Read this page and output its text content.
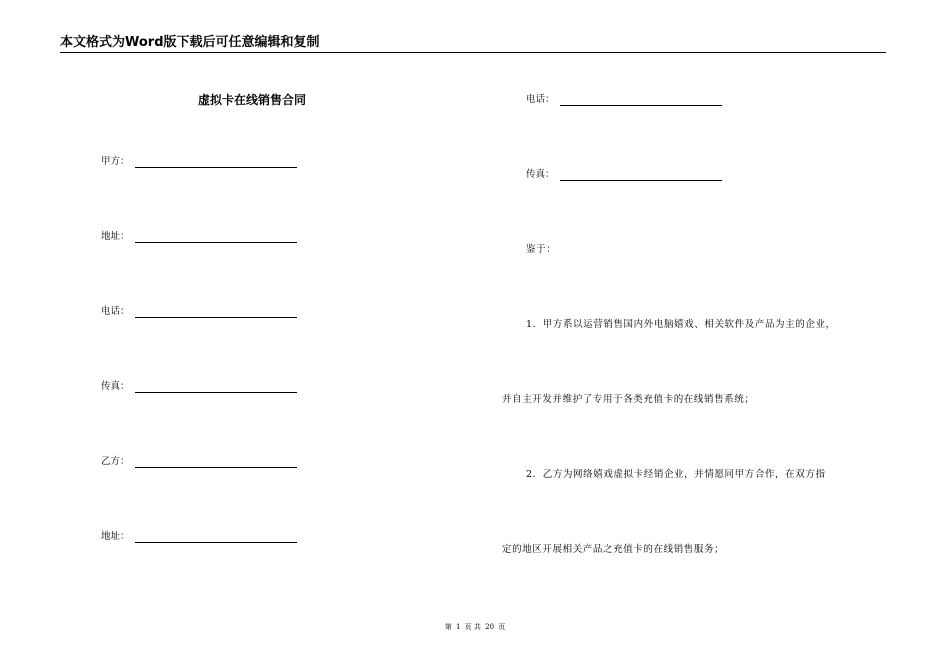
本文格式为Word版下载后可任意编辑和复制
虚拟卡在线销售合同
甲方：
地址：
电话：
传真：
乙方：
地址：
电话：
传真：
鉴于：
1．甲方系以运营销售国内外电脑嬉戏、相关软件及产品为主的企业，
并自主开发并维护了专用于各类充值卡的在线销售系统；
2．乙方为网络嬉戏虚拟卡经销企业，并情愿同甲方合作，在双方指
定的地区开展相关产品之充值卡的在线销售服务；
第 1 页 共 20 页
